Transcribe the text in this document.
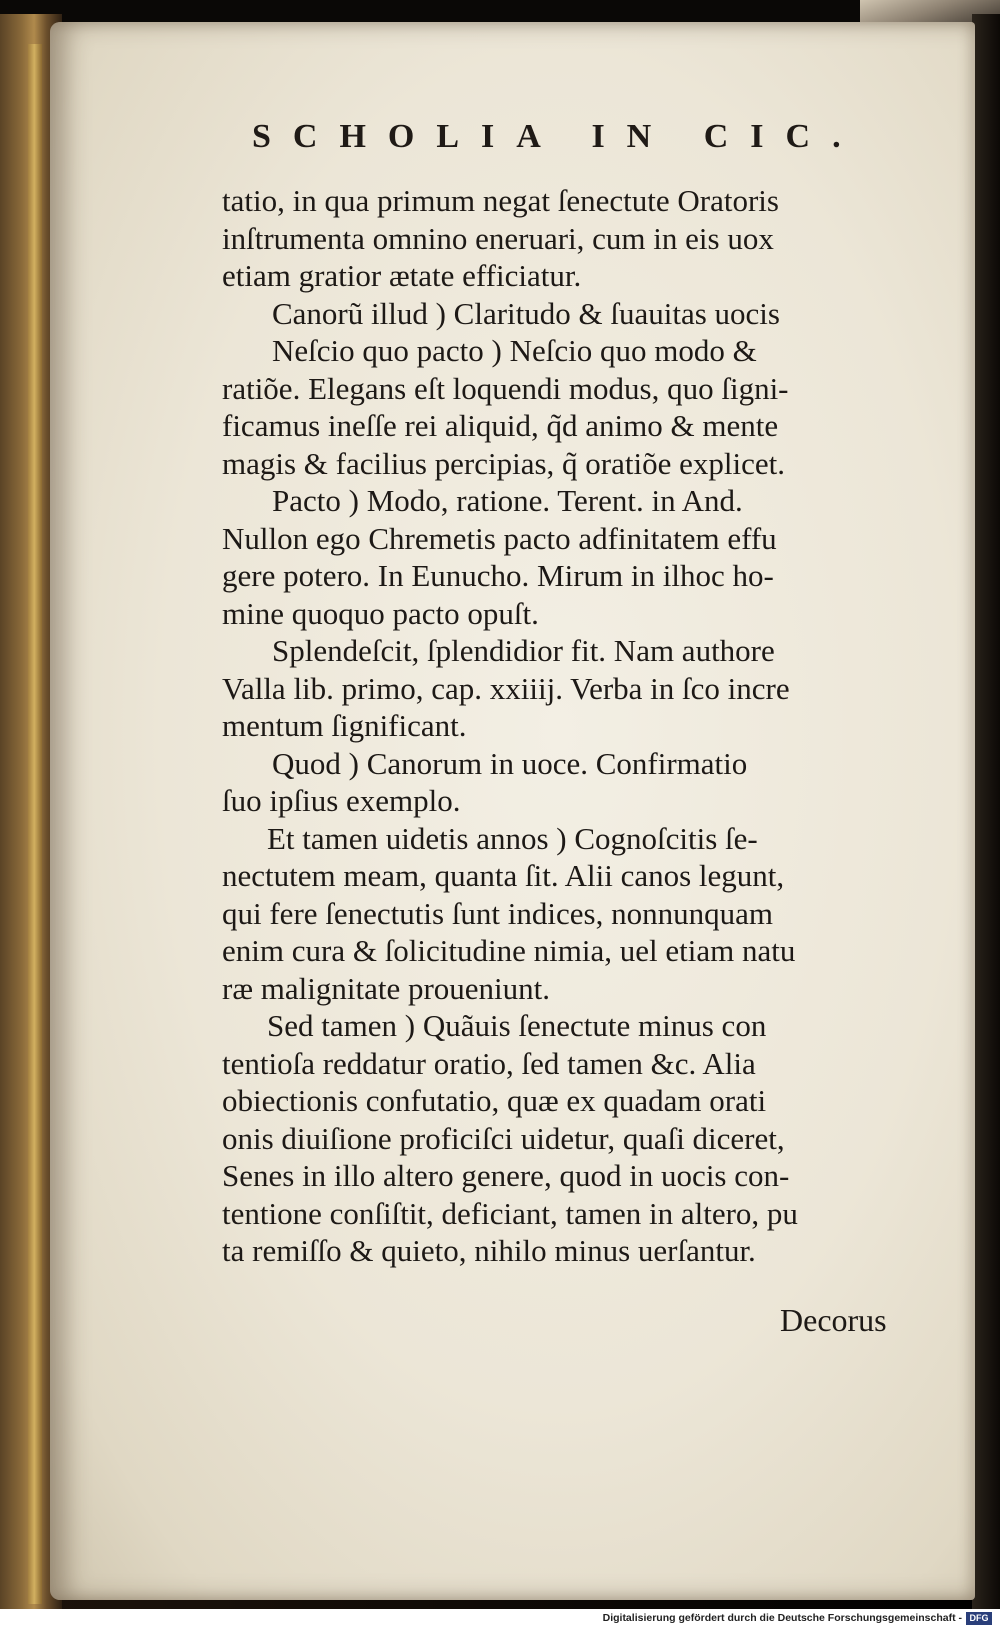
SCHOLIA IN CIC.
tatio, in qua primum negat ſenectute Oratoris
inſtrumenta omnino eneruari, cum in eis uox
etiam gratior ætate efficiatur.
Canorũ illud ) Claritudo & ſuauitas uocis
Neſcio quo pacto ) Neſcio quo modo &
ratiõe. Elegans eſt loquendi modus, quo ſigni-
ficamus ineſſe rei aliquid, q̃d animo & mente
magis & facilius percipias, q̃ oratiõe explicet.
Pacto ) Modo, ratione. Terent. in And.
Nullon ego Chremetis pacto adfinitatem effu
gere potero. In Eunucho. Mirum in ilhoc ho-
mine quoquo pacto opuſt.
Splendeſcit, ſplendidior fit. Nam authore
Valla lib. primo, cap. xxiiij. Verba in ſco incre
mentum ſignificant.
Quod ) Canorum in uoce. Confirmatio
ſuo ipſius exemplo.
Et tamen uidetis annos ) Cognoſcitis ſe-
nectutem meam, quanta ſit. Alii canos legunt,
qui fere ſenectutis ſunt indices, nonnunquam
enim cura & ſolicitudine nimia, uel etiam natu
ræ malignitate proueniunt.
Sed tamen ) Quãuis ſenectute minus con
tentioſa reddatur oratio, ſed tamen &c. Alia
obiectionis confutatio, quæ ex quadam orati
onis diuiſione proficiſci uidetur, quaſi diceret,
Senes in illo altero genere, quod in uocis con-
tentione conſiſtit, deficiant, tamen in altero, pu
ta remiſſo & quieto, nihilo minus uerſantur.
Decorus
Digitalisierung gefördert durch die Deutsche Forschungsgemeinschaft - DFG
